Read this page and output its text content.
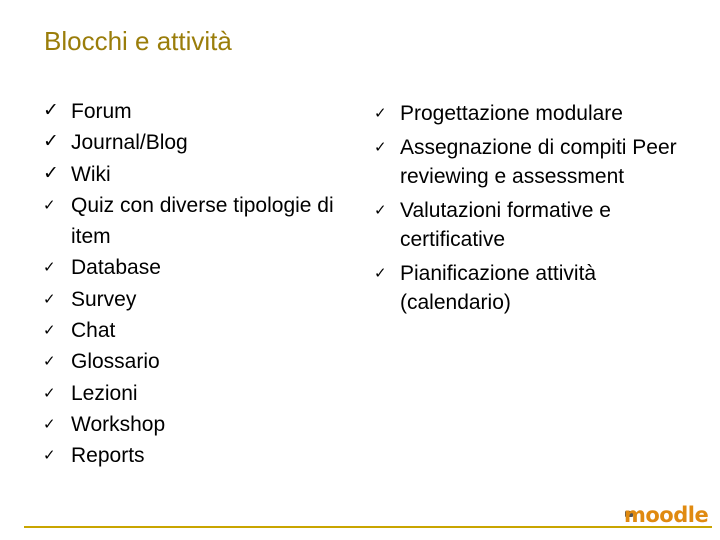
Blocchi e attività
✓ Forum
✓ Journal/Blog
✓ Wiki
✓ Quiz con diverse tipologie di item
✓ Database
✓ Survey
✓ Chat
✓ Glossario
✓ Lezioni
✓ Workshop
✓ Reports
✓ Progettazione modulare
✓ Assegnazione di compiti Peer reviewing e assessment
✓ Valutazioni formative e certificative
✓ Pianificazione attività (calendario)
moodle
